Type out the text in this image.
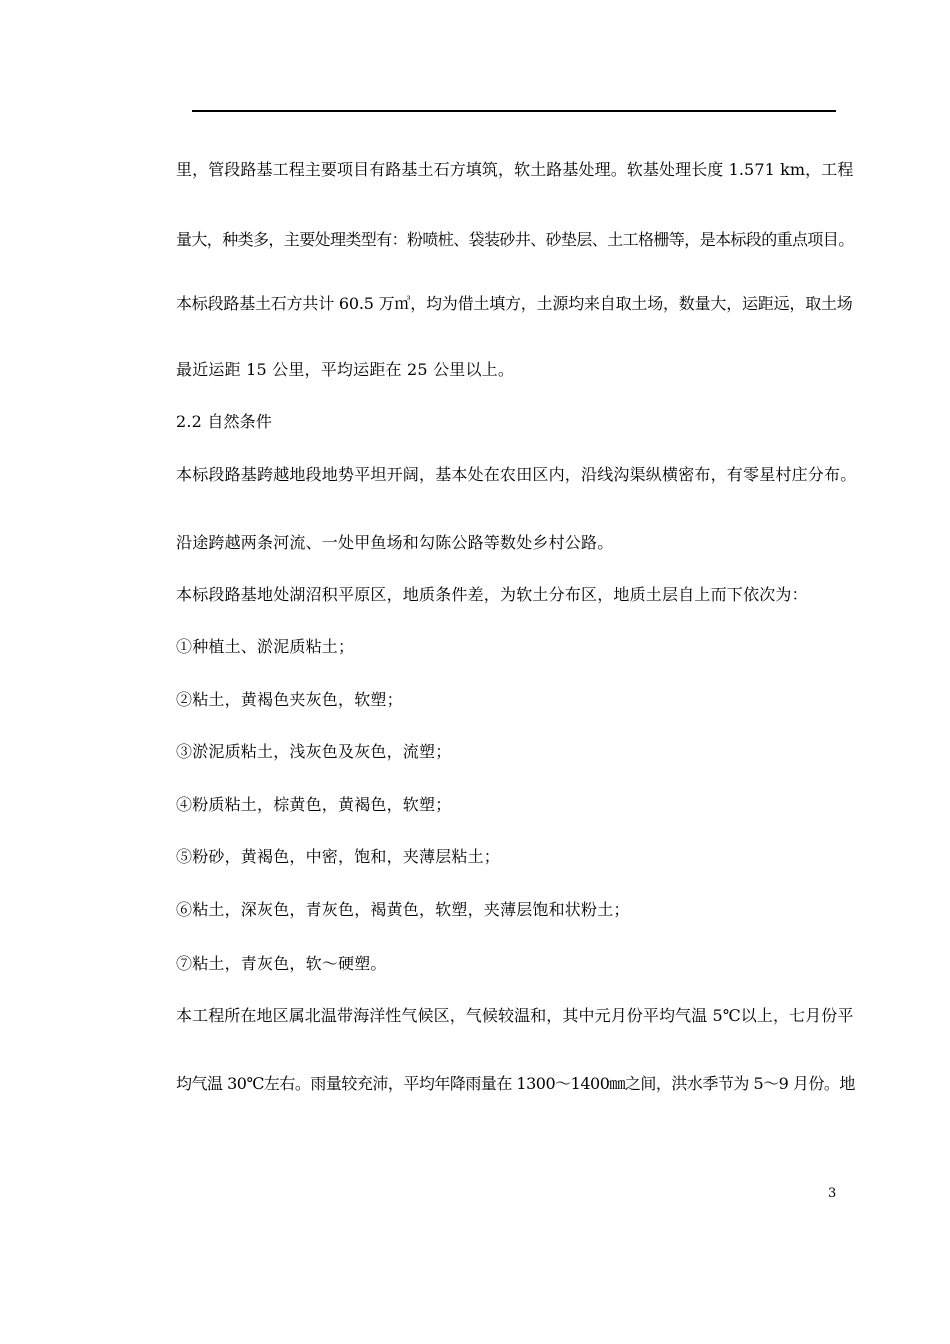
里，管段路基工程主要项目有路基土石方填筑，软土路基处理。软基处理长度 1.571 km，工程
量大，种类多，主要处理类型有：粉喷桩、袋装砂井、砂垫层、土工格栅等，是本标段的重点项目。
本标段路基土石方共计 60.5 万㎥，均为借土填方，土源均来自取土场，数量大，运距远，取土场
最近运距 15 公里，平均运距在 25 公里以上。
2.2 自然条件
本标段路基跨越地段地势平坦开阔，基本处在农田区内，沿线沟渠纵横密布，有零星村庄分布。
沿途跨越两条河流、一处甲鱼场和勾陈公路等数处乡村公路。
本标段路基地处湖沼积平原区，地质条件差，为软土分布区，地质土层自上而下依次为：
①种植土、淤泥质粘土；
②粘土，黄褐色夹灰色，软塑；
③淤泥质粘土，浅灰色及灰色，流塑；
④粉质粘土，棕黄色，黄褐色，软塑；
⑤粉砂，黄褐色，中密，饱和，夹薄层粘土；
⑥粘土，深灰色，青灰色，褐黄色，软塑，夹薄层饱和状粉土；
⑦粘土，青灰色，软～硬塑。
本工程所在地区属北温带海洋性气候区，气候较温和，其中元月份平均气温 5℃以上，七月份平
均气温 30℃左右。雨量较充沛，平均年降雨量在 1300～1400㎜之间，洪水季节为 5～9 月份。地
3
